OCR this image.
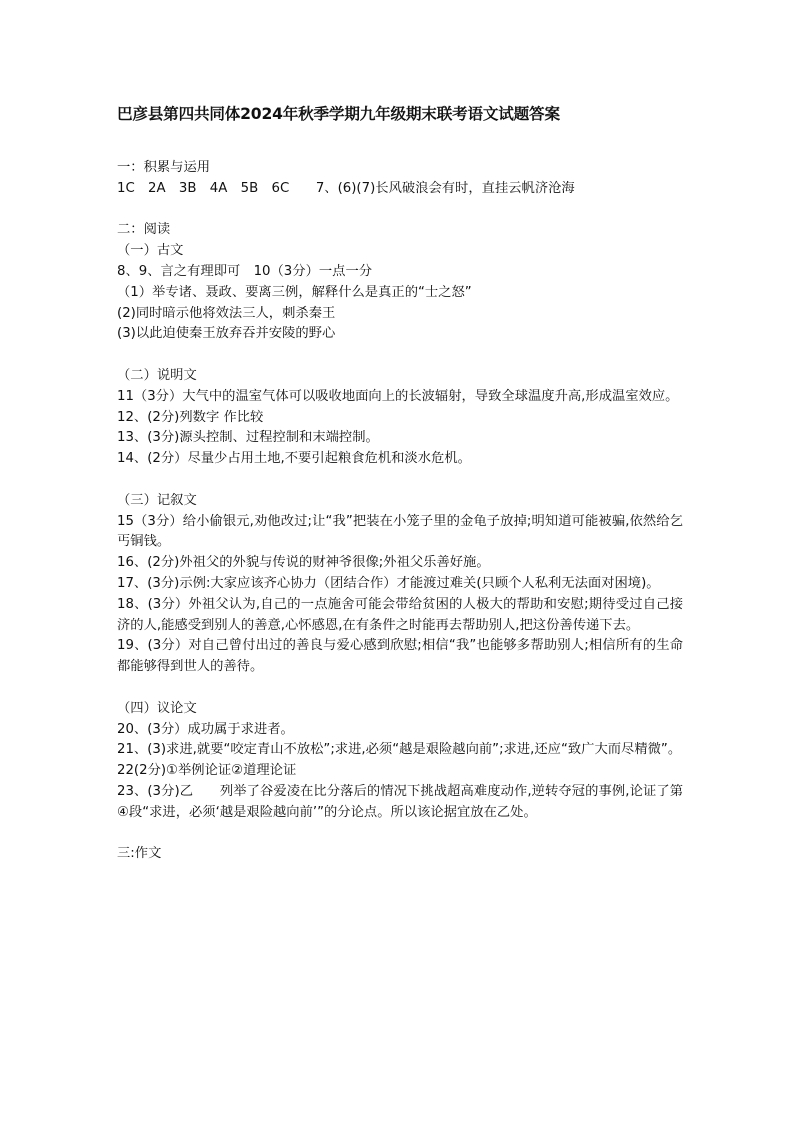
巴彦县第四共同体2024年秋季学期九年级期末联考语文试题答案
一：积累与运用
1C　2A　3B　4A　5B　6C　　7、(6)(7)长风破浪会有时，直挂云帆济沧海
二：阅读
（一）古文
8、9、言之有理即可　10（3分）一点一分
（1）举专诸、聂政、要离三例，解释什么是真正的“士之怒”
(2)同时暗示他将效法三人，刺杀秦王
(3)以此迫使秦王放弃吞并安陵的野心
（二）说明文
11（3分）大气中的温室气体可以吸收地面向上的长波辐射，导致全球温度升高,形成温室效应。
12、(2分)列数字 作比较
13、(3分)源头控制、过程控制和末端控制。
14、(2分）尽量少占用土地,不要引起粮食危机和淡水危机。
（三）记叙文
15（3分）给小偷银元,劝他改过;让“我”把装在小笼子里的金龟子放掉;明知道可能被骗,依然给乞丐铜钱。
16、(2分)外祖父的外貌与传说的财神爷很像;外祖父乐善好施。
17、(3分)示例:大家应该齐心协力（团结合作）才能渡过难关(只顾个人私利无法面对困境)。
18、(3分）外祖父认为,自己的一点施舍可能会带给贫困的人极大的帮助和安慰;期待受过自己接济的人,能感受到别人的善意,心怀感恩,在有条件之时能再去帮助别人,把这份善传递下去。
19、(3分）对自己曾付出过的善良与爱心感到欣慰;相信“我”也能够多帮助别人;相信所有的生命都能够得到世人的善待。
（四）议论文
20、(3分）成功属于求进者。
21、(3)求进,就要“咬定青山不放松”;求进,必须“越是艰险越向前”;求进,还应“致广大而尽精微”。
22(2分)①举例论证②道理论证
23、(3分)乙　　列举了谷爱凌在比分落后的情况下挑战超高难度动作,逆转夺冠的事例,论证了第④段“求进，必须‘越是艰险越向前’”的分论点。所以该论据宜放在乙处。
三:作文
